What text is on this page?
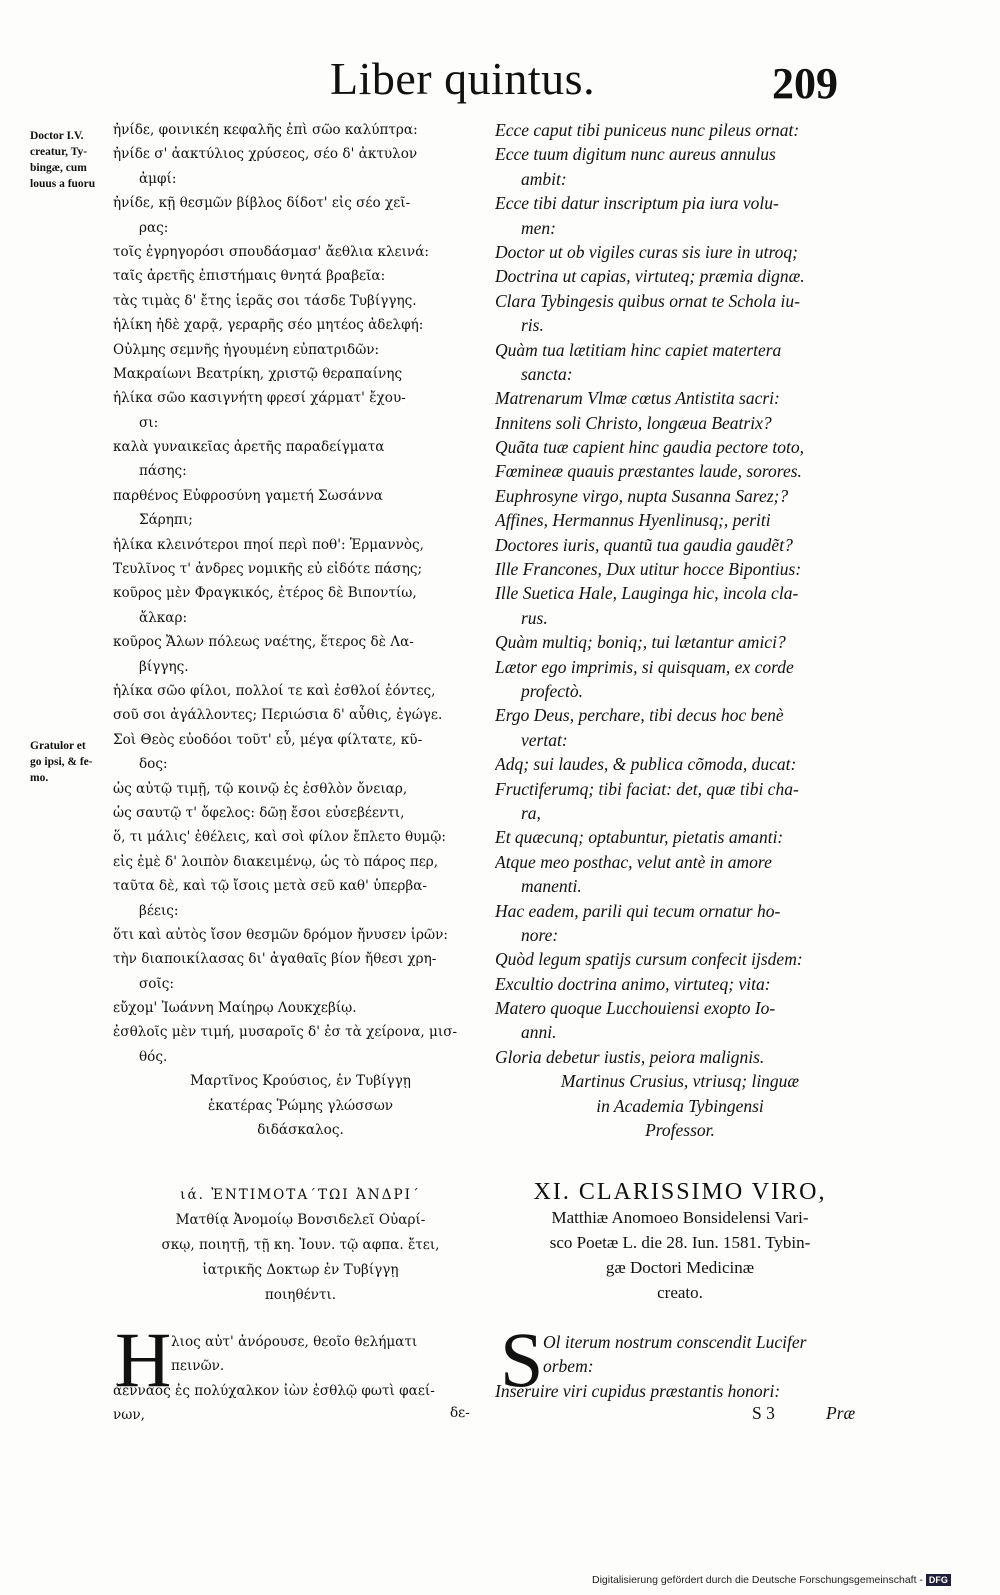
Liber quintus.	209
Doctor I.V.
creatur, Ty-
bingæ, cum
louus a fuoru
Gratulor et
go ipsi, & fe-
mo.
ἠνίδε, φοινικέη κεφαλῆς ἐπὶ σῶο καλύπτρα:
ἠνίδε σ' ἀακτύλιος χρύσεος, σέο δ' ἀκτυλον
ἀμφί:
ἠνίδε, κῇ θεσμῶν βίβλος δίδοτ' εἰς σέο χεῖ-
ρας:
τοῖς ἐγρηγορόσι σπουδάσμασ' ἄεθλια κλεινά:
ταῖς ἀρετῆς ἐπιστήμαις θνητά βραβεῖα:
τὰς τιμὰς δ' ἔτης ἱερᾶς σοι τάσδε Τυβίγγης.
ἡλίκη ἠδὲ χαρᾷ, γεραρῆς σέο μητέος ἀδελφή:
Οὐλμης σεμνῆς ἡγουμένη εὐπατριδῶν:
Μακραίωνι Βεατρίκη, χριστῷ θεραπαίνης
ἡλίκα σῶο κασιγνήτη φρεσί χάρματ' ἔχου-
σι:
καλὰ γυναικεῖας ἀρετῆς παραδείγματα
πάσης:
παρθένος Εὐφροσύνη γαμετή Σωσάννα
Σάρηπι;
ἡλίκα κλεινότεροι πηοί περὶ ποθ': Ἑρμαννὸς,
Τευλῖνος τ' ἀνδρες νομικῆς εὐ εἰδότε πάσης;
κοῦρος μὲν Φραγκικός, ἐτέρος δὲ Βιποντίω,
ἄλκαρ:
κοῦρος Ἄλων πόλεως ναέτης, ἕτερος δὲ Λα-
βίγγης.
ἡλίκα σῶο φίλοι, πολλοί τε καὶ ἐσθλοί ἐόντες,
σοῦ σοι ἀγάλλοντες; Περιώσια δ' αὖθις, ἐγώγε.
Σοὶ Θεὸς εὐοδόοι τοῦτ' εὖ, μέγα φίλτατε, κῦ-
δος:
ὡς αὐτῷ τιμῇ, τῷ κοινῷ ἐς ἐσθλὸν ὄνειαρ,
ὡς σαυτῷ τ' ὄφελος: δῶῃ ἔσοι εὐσεβέεντι,
ὅ, τι μάλις' ἐθέλεις, καὶ σοὶ φίλον ἔπλετο θυμῷ:
εἰς ἐμὲ δ' λοιπὸν διακειμένῳ, ὡς τὸ πάρος περ,
ταῦτα δὲ, καὶ τῷ ἴσοις μετὰ σεῦ καθ' ὑπερβα-
βέεις:
ὅτι καὶ αὐτὸς ἴσον θεσμῶν δρόμον ἤνυσεν ἱρῶν:
τὴν διαποικίλασας δι' ἀγαθαῖς βίον ἤθεσι χρη-
σοῖς:
εὔχομ' Ἰωάννη Μαίηρῳ Λουκχεβίῳ.
ἐσθλοῖς μὲν τιμή, μυσαροῖς δ' ἐσ τὰ χείρονα, μισ-
θός.
Μαρτῖνος Κρούσιος, ἐν Τυβίγγῃ
ἑκατέρας Ῥώμης γλώσσων
διδάσκαλος.
Ecce caput tibi puniceus nunc pileus ornat:
Ecce tuum digitum nunc aureus annulus
ambit:
Ecce tibi datur inscriptum pia iura volu-
men:
Doctor ut ob vigiles curas sis iure in utroq;
Doctrina ut capias, virtuteq; præmia dignæ.
Clara Tybingesis quibus ornat te Schola iu-
ris.
Quàm tua lætitiam hinc capiet matertera
sancta:
Matrenarum Vlmæ cœtus Antistita sacri:
Innitens soli Christo, longæua Beatrix?
Quãta tuæ capient hinc gaudia pectore toto,
Fœmineæ quauis præstantes laude, sorores.
Euphrosyne virgo, nupta Susanna Sarez;?
Affines, Hermannus Hyenlinusq;, periti
Doctores iuris, quantũ tua gaudia gaudẽt?
Ille Francones, Dux utitur hocce Bipontius:
Ille Suetica Hale, Lauginga hic, incola cla-
rus.
Quàm multiq; boniq;, tui lætantur amici?
Lætor ego imprimis, si quisquam, ex corde
profectò.
Ergo Deus, perchare, tibi decus hoc benè
vertat:
Adq; sui laudes, & publica cõmoda, ducat:
Fructiferumq; tibi faciat: det, quæ tibi cha-
ra,
Et quæcunq; optabuntur, pietatis amanti:
Atque meo posthac, velut antè in amore
manenti.
Hac eadem, parili qui tecum ornatur ho-
nore:
Quòd legum spatijs cursum confecit ijsdem:
Excultio doctrina animo, virtuteq; vita:
Matero quoque Lucchouiensi exopto Io-
anni.
Gloria debetur iustis, peiora malignis.
Martinus Crusius, vtriusq; linguæ
in Academia Tybingensi
Professor.
ιά. ἘΝΤΙΜΟΤΑ΄ΤΩΙ ἈΝΔΡΙ΄
Ματθίᾳ Ἀνομοίῳ Βονσιδελεῖ Οὐαρί-
σκῳ, ποιητῇ, τῇ κη. Ἰουν. τῷ αφπα. ἔτει,
ἰατρικῆς Δοκτωρ ἐν Τυβίγγῃ
ποιηθέντι.
XI. CLARISSIMO VIRO,
Matthiæ Anomoeo Bonsidelensi Vari-
sco Poetæ L. die 28. Iun. 1581. Tybin-
gæ Doctori Medicinæ
creato.
H λιος αὐτ' ἀνόρουσε, θεοῖο θελήματι
πεινῶν.
ἀένναος ἐς πολύχαλκον ἰὼν ἐσθλῷ φωτὶ φαεί-
νων,	δε-
S Ol iterum nostrum conscendit Lucifer
orbem:
Inseruire viri cupidus præstantis honori:
S 3	Præ
Digitalisierung gefördert durch die Deutsche Forschungsgemeinschaft - DFG
